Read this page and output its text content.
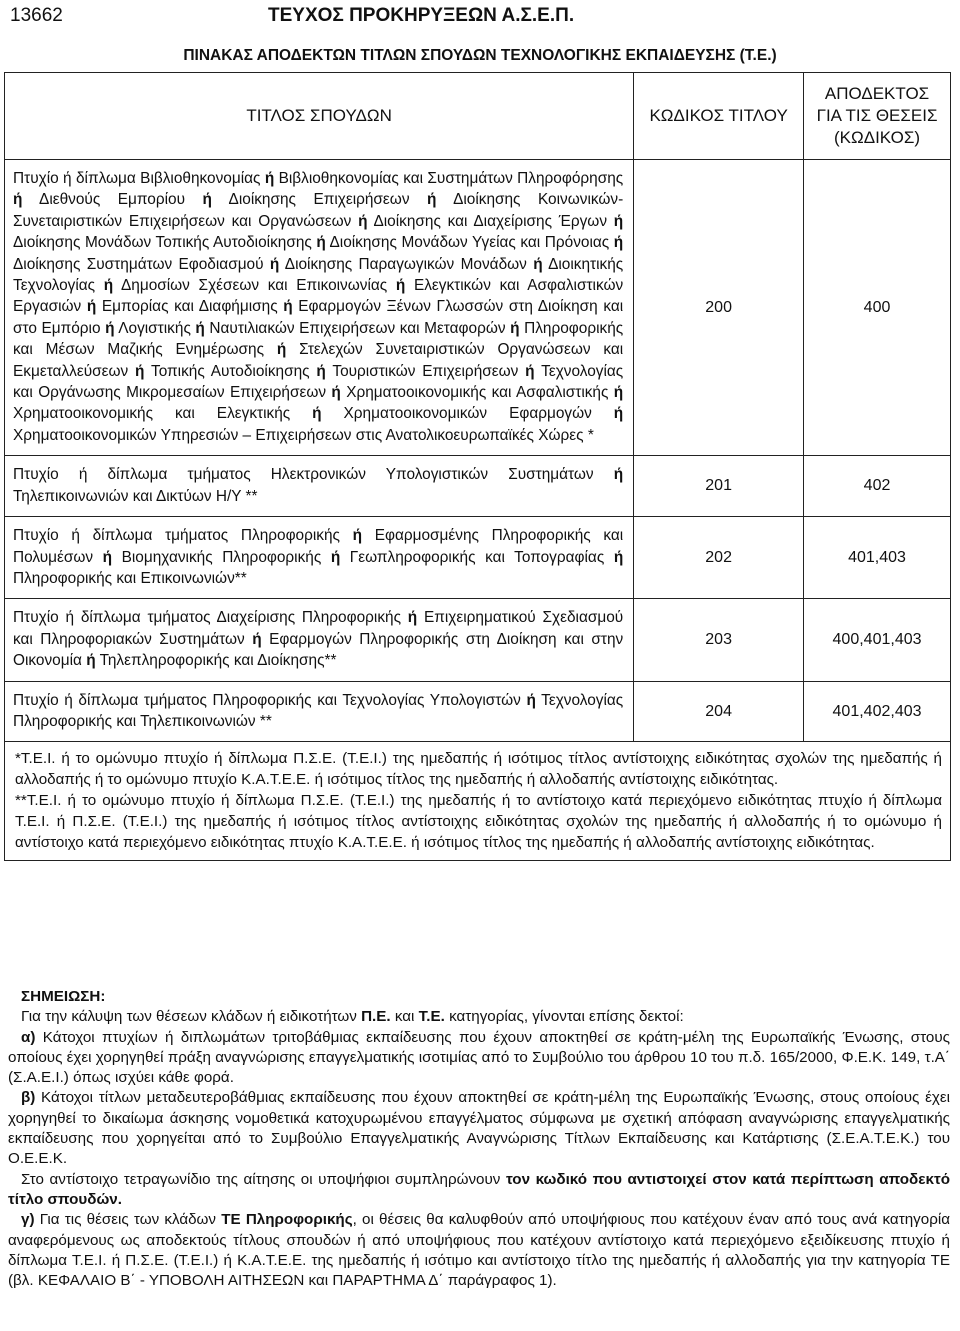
13662	ΤΕΥΧΟΣ ΠΡΟΚΗΡΥΞΕΩΝ Α.Σ.Ε.Π.
ΠΙΝΑΚΑΣ ΑΠΟΔΕΚΤΩΝ ΤΙΤΛΩΝ ΣΠΟΥΔΩΝ ΤΕΧΝΟΛΟΓΙΚΗΣ ΕΚΠΑΙΔΕΥΣΗΣ (Τ.Ε.)
ΤΙΤΛΟΣ ΣΠΟΥΔΩΝ	ΚΩΔΙΚΟΣ ΤΙΤΛΟΥ	ΑΠΟΔΕΚΤΟΣ
ΓΙΑ ΤΙΣ ΘΕΣΕΙΣ
(ΚΩΔΙΚΟΣ)

Πτυχίο ή δίπλωμα Βιβλιοθηκονομίας ή Βιβλιοθηκονομίας και Συστημάτων Πληροφόρησης ή Διεθνούς Εμπορίου ή Διοίκησης Επιχειρήσεων ή Διοίκησης Κοινωνικών- Συνεταιριστικών Επιχειρήσεων και Οργανώσεων ή Διοίκησης και Διαχείρισης Έργων ή Διοίκησης Μονάδων Τοπικής Αυτοδιοίκησης ή Διοίκησης Μονάδων Υγείας και Πρόνοιας ή Διοίκησης Συστημάτων Εφοδιασμού ή Διοίκησης Παραγωγικών Μονάδων ή Διοικητικής Τεχνολογίας ή Δημοσίων Σχέσεων και Επικοινωνίας ή Ελεγκτικών και Ασφαλιστικών Εργασιών ή Εμπορίας και Διαφήμισης ή Εφαρμογών Ξένων Γλωσσών στη Διοίκηση και στο Εμπόριο ή Λογιστικής ή Ναυτιλιακών Επιχειρήσεων και Μεταφορών ή Πληροφορικής και Μέσων Μαζικής Ενημέρωσης ή Στελεχών Συνεταιριστικών Οργανώσεων και Εκμεταλλεύσεων ή Τοπικής Αυτοδιοίκησης ή Τουριστικών Επιχειρήσεων ή Τεχνολογίας και Οργάνωσης Μικρομεσαίων Επιχειρήσεων ή Χρηματοοικονομικής και Ασφαλιστικής ή Χρηματοοικονομικής και Ελεγκτικής ή Χρηματοοικονομικών Εφαρμογών ή Χρηματοοικονομικών Υπηρεσιών – Επιχειρήσεων στις Ανατολικοευρωπαϊκές Χώρες *	200	400
Πτυχίο ή δίπλωμα τμήματος Ηλεκτρονικών Υπολογιστικών Συστημάτων ή Τηλεπικοινωνιών και Δικτύων Η/Υ **	201	402
Πτυχίο ή δίπλωμα τμήματος Πληροφορικής ή Εφαρμοσμένης Πληροφορικής και Πολυμέσων ή Βιομηχανικής Πληροφορικής ή Γεωπληροφορικής και Τοπογραφίας ή Πληροφορικής και Επικοινωνιών**	202	401,403
Πτυχίο ή δίπλωμα τμήματος Διαχείρισης Πληροφορικής ή Επιχειρηματικού Σχεδιασμού και Πληροφοριακών Συστημάτων ή Εφαρμογών Πληροφορικής στη Διοίκηση και στην Οικονομία ή Τηλεπληροφορικής και Διοίκησης**	203	400,401,403
Πτυχίο ή δίπλωμα τμήματος Πληροφορικής και Τεχνολογίας Υπολογιστών ή Τεχνολογίας Πληροφορικής και Τηλεπικοινωνιών **	204	401,402,403

*Τ.Ε.Ι. ή το ομώνυμο πτυχίο ή δίπλωμα Π.Σ.Ε. (Τ.Ε.Ι.) της ημεδαπής ή ισότιμος τίτλος αντίστοιχης ειδικότητας σχολών της ημεδαπής ή αλλοδαπής ή το ομώνυμο πτυχίο Κ.Α.Τ.Ε.Ε. ή ισότιμος τίτλος της ημεδαπής ή αλλοδαπής αντίστοιχης ειδικότητας.

**Τ.Ε.Ι. ή το ομώνυμο πτυχίο ή δίπλωμα Π.Σ.Ε. (Τ.Ε.Ι.) της ημεδαπής ή το αντίστοιχο κατά περιεχόμενο ειδικότητας πτυχίο ή δίπλωμα Τ.Ε.Ι. ή Π.Σ.Ε. (Τ.Ε.Ι.) της ημεδαπής ή ισότιμος τίτλος αντίστοιχης ειδικότητας σχολών της ημεδαπής ή αλλοδαπής ή το ομώνυμο ή αντίστοιχο κατά περιεχόμενο ειδικότητας πτυχίο Κ.Α.Τ.Ε.Ε. ή ισότιμος τίτλος της ημεδαπής ή αλλοδαπής αντίστοιχης ειδικότητας.		

ΣΗΜΕΙΩΣΗ:

Για την κάλυψη των θέσεων κλάδων ή ειδικοτήτων Π.Ε. και Τ.Ε. κατηγορίας, γίνονται επίσης δεκτοί:

α) Κάτοχοι πτυχίων ή διπλωμάτων τριτοβάθμιας εκπαίδευσης που έχουν αποκτηθεί σε κράτη-μέλη της Ευρωπαϊκής Ένωσης, στους οποίους έχει χορηγηθεί πράξη αναγνώρισης επαγγελματικής ισοτιμίας από το Συμβούλιο του άρθρου 10 του π.δ. 165/2000, Φ.Ε.Κ. 149, τ.Α΄ (Σ.Α.Ε.Ι.) όπως ισχύει κάθε φορά.

β) Κάτοχοι τίτλων μεταδευτεροβάθμιας εκπαίδευσης που έχουν αποκτηθεί σε κράτη-μέλη της Ευρωπαϊκής Ένωσης, στους οποίους έχει χορηγηθεί το δικαίωμα άσκησης νομοθετικά κατοχυρωμένου επαγγέλματος σύμφωνα με σχετική απόφαση αναγνώρισης επαγγελματικής εκπαίδευσης που χορηγείται από το Συμβούλιο Επαγγελματικής Αναγνώρισης Τίτλων Εκπαίδευσης και Κατάρτισης (Σ.Ε.Α.Τ.Ε.Κ.) του Ο.Ε.Ε.Κ.

Στο αντίστοιχο τετραγωνίδιο της αίτησης οι υποψήφιοι συμπληρώνουν τον κωδικό που αντιστοιχεί στον κατά περίπτωση αποδεκτό τίτλο σπουδών.

γ) Για τις θέσεις των κλάδων ΤΕ Πληροφορικής, οι θέσεις θα καλυφθούν από υποψήφιους που κατέχουν έναν από τους ανά κατηγορία αναφερόμενους ως αποδεκτούς τίτλους σπουδών ή από υποψήφιους που κατέχουν αντίστοιχο κατά περιεχόμενο εξειδίκευσης πτυχίο ή δίπλωμα Τ.Ε.Ι. ή Π.Σ.Ε. (Τ.Ε.Ι.) ή Κ.Α.Τ.Ε.Ε. της ημεδαπής ή ισότιμο και αντίστοιχο τίτλο της ημεδαπής ή αλλοδαπής για την κατηγορία ΤΕ (βλ. ΚΕΦΑΛΑΙΟ Β΄ - ΥΠΟΒΟΛΗ ΑΙΤΗΣΕΩΝ και ΠΑΡΑΡΤΗΜΑ Δ΄ παράγραφος 1).
